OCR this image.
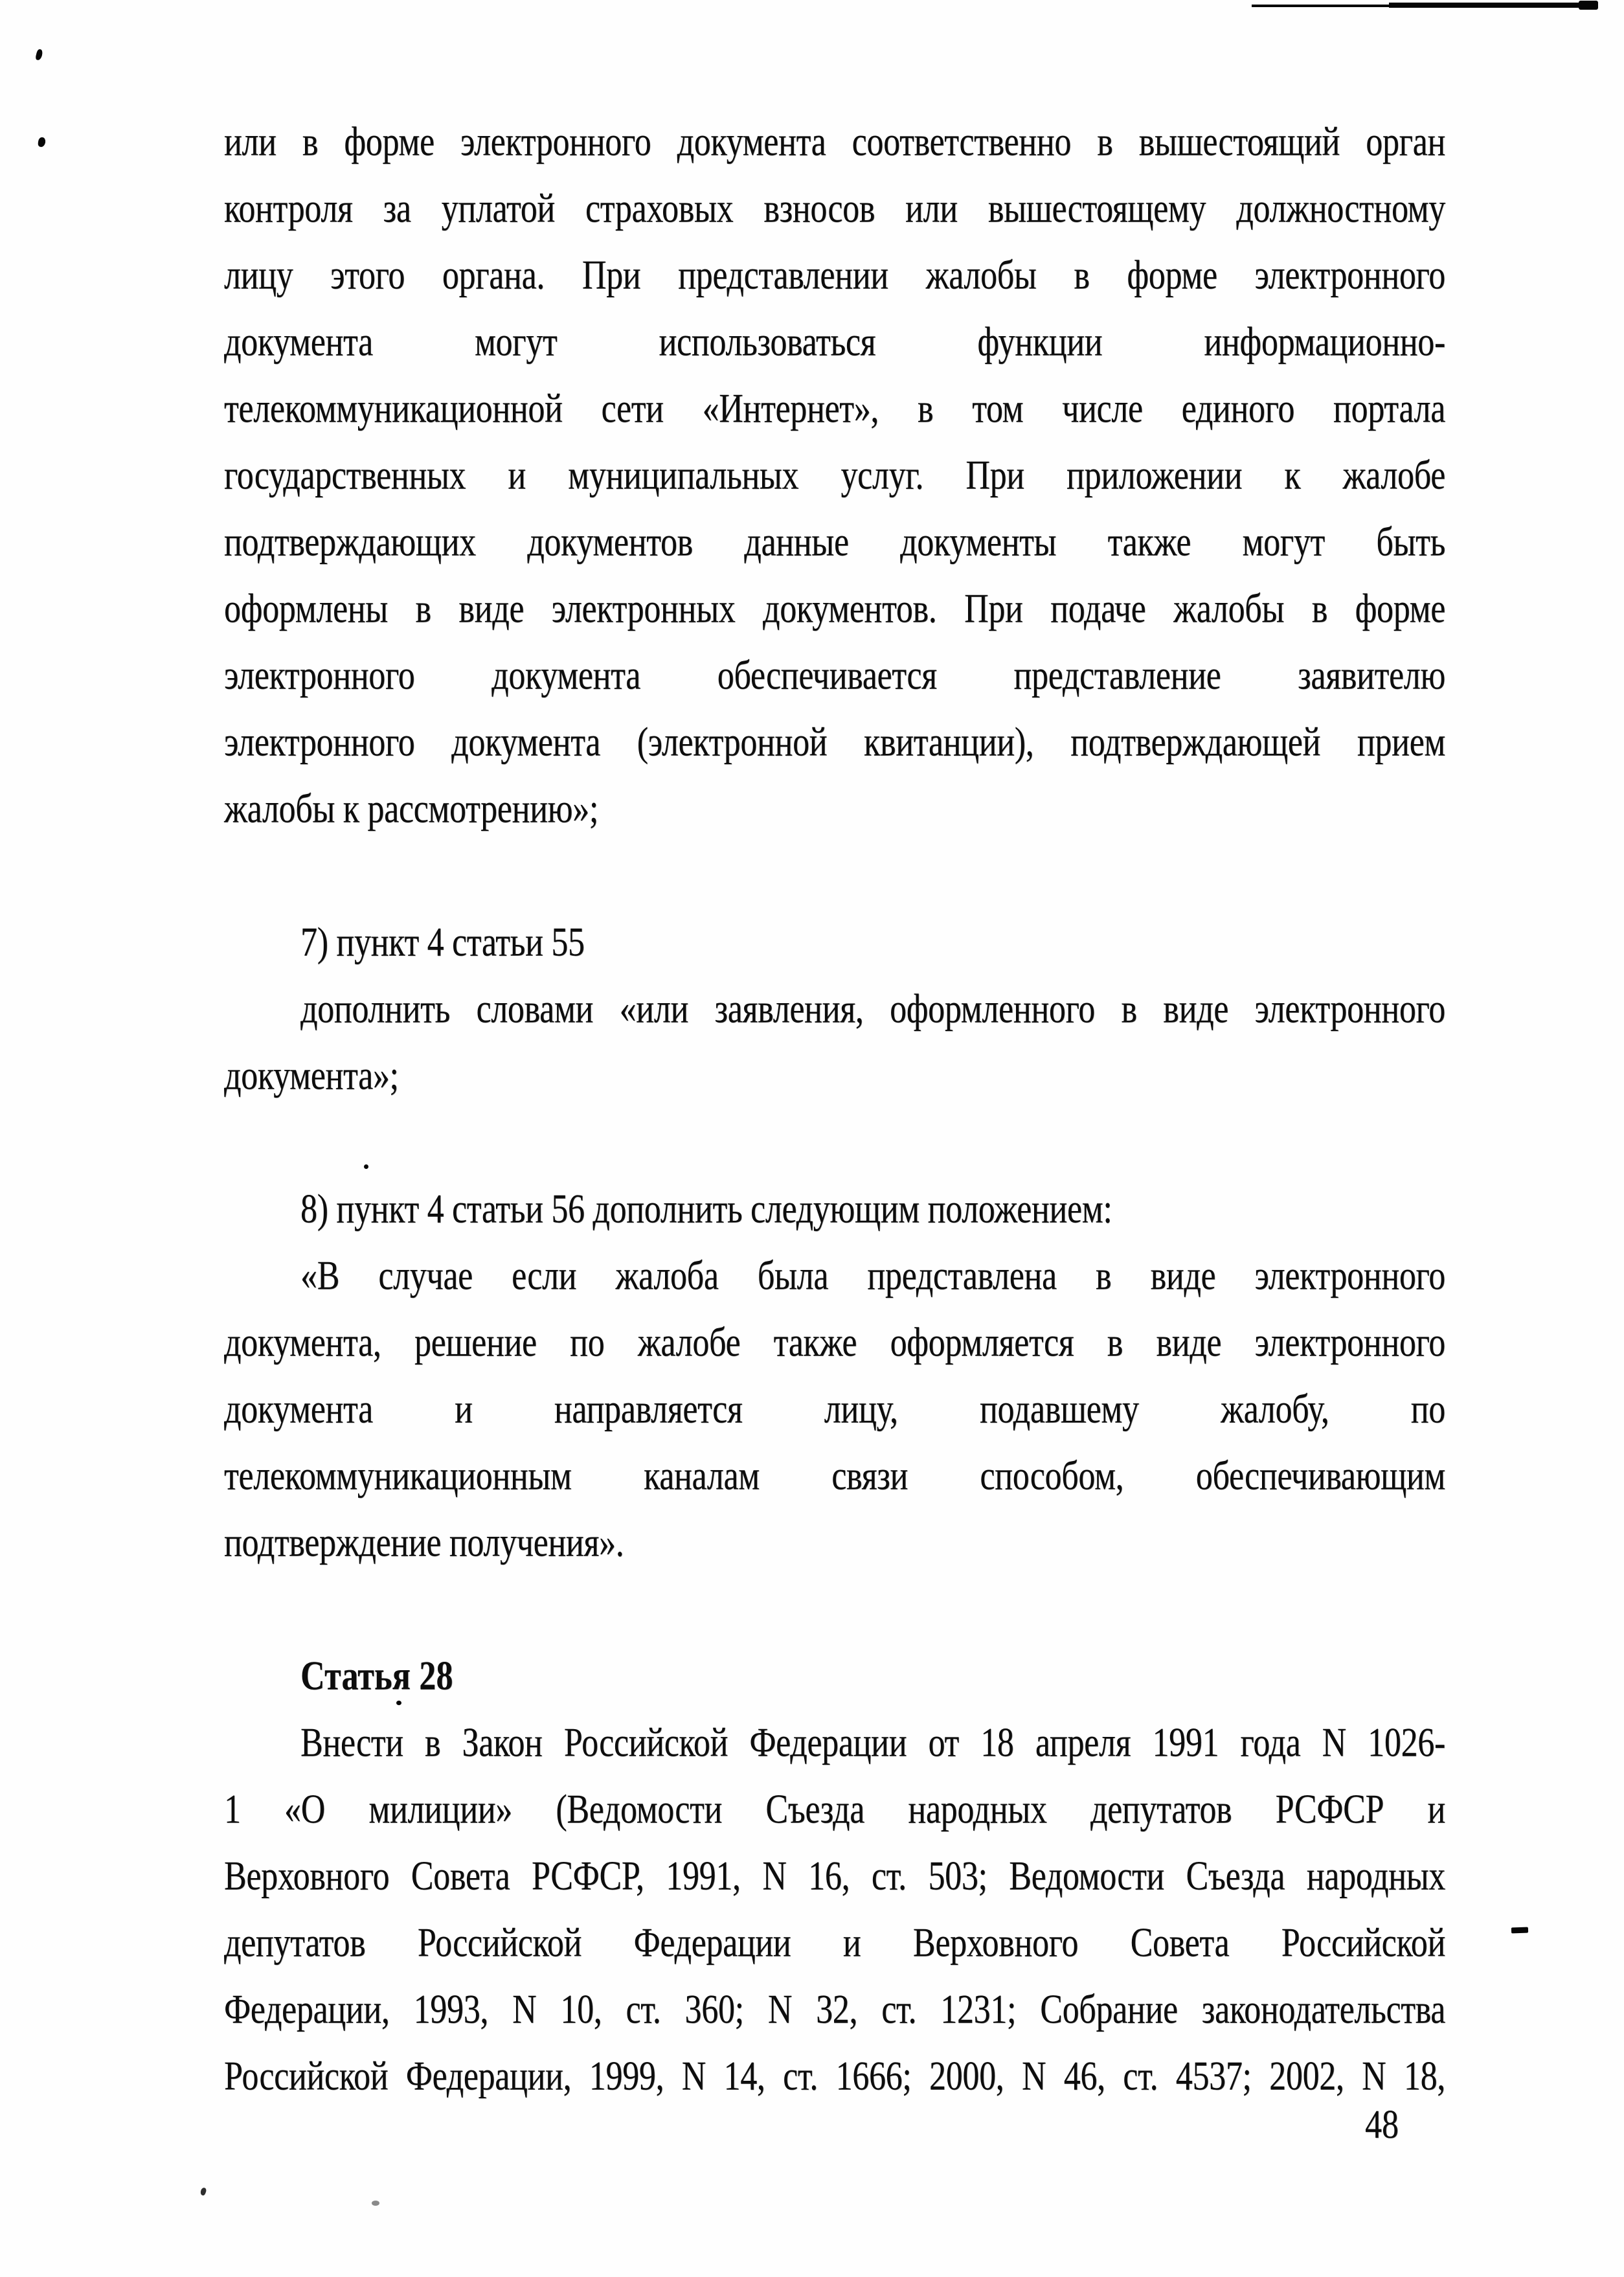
или в форме электронного документа соответственно в вышестоящий орган
контроля за уплатой страховых взносов или вышестоящему должностному
лицу этого органа. При представлении жалобы в форме электронного
документа могут использоваться функции информационно-
телекоммуникационной сети «Интернет», в том числе единого портала
государственных и муниципальных услуг. При приложении к жалобе
подтверждающих документов данные документы также могут быть
оформлены в виде электронных документов. При подаче жалобы в форме
электронного документа обеспечивается представление заявителю
электронного документа (электронной квитанции), подтверждающей прием
жалобы к рассмотрению»;
7) пункт 4 статьи 55
дополнить словами «или заявления, оформленного в виде электронного
документа»;
8) пункт 4 статьи 56 дополнить следующим положением:
«В случае если жалоба была представлена в виде электронного
документа, решение по жалобе также оформляется в виде электронного
документа и направляется лицу, подавшему жалобу, по
телекоммуникационным каналам связи способом, обеспечивающим
подтверждение получения».
Статья 28
Внести в Закон Российской Федерации от 18 апреля 1991 года N 1026-
1 «О милиции» (Ведомости Съезда народных депутатов РСФСР и
Верховного Совета РСФСР, 1991, N 16, ст. 503; Ведомости Съезда народных
депутатов Российской Федерации и Верховного Совета Российской
Федерации, 1993, N 10, ст. 360; N 32, ст. 1231; Собрание законодательства
Российской Федерации, 1999, N 14, ст. 1666; 2000, N 46, ст. 4537; 2002, N 18,
48
